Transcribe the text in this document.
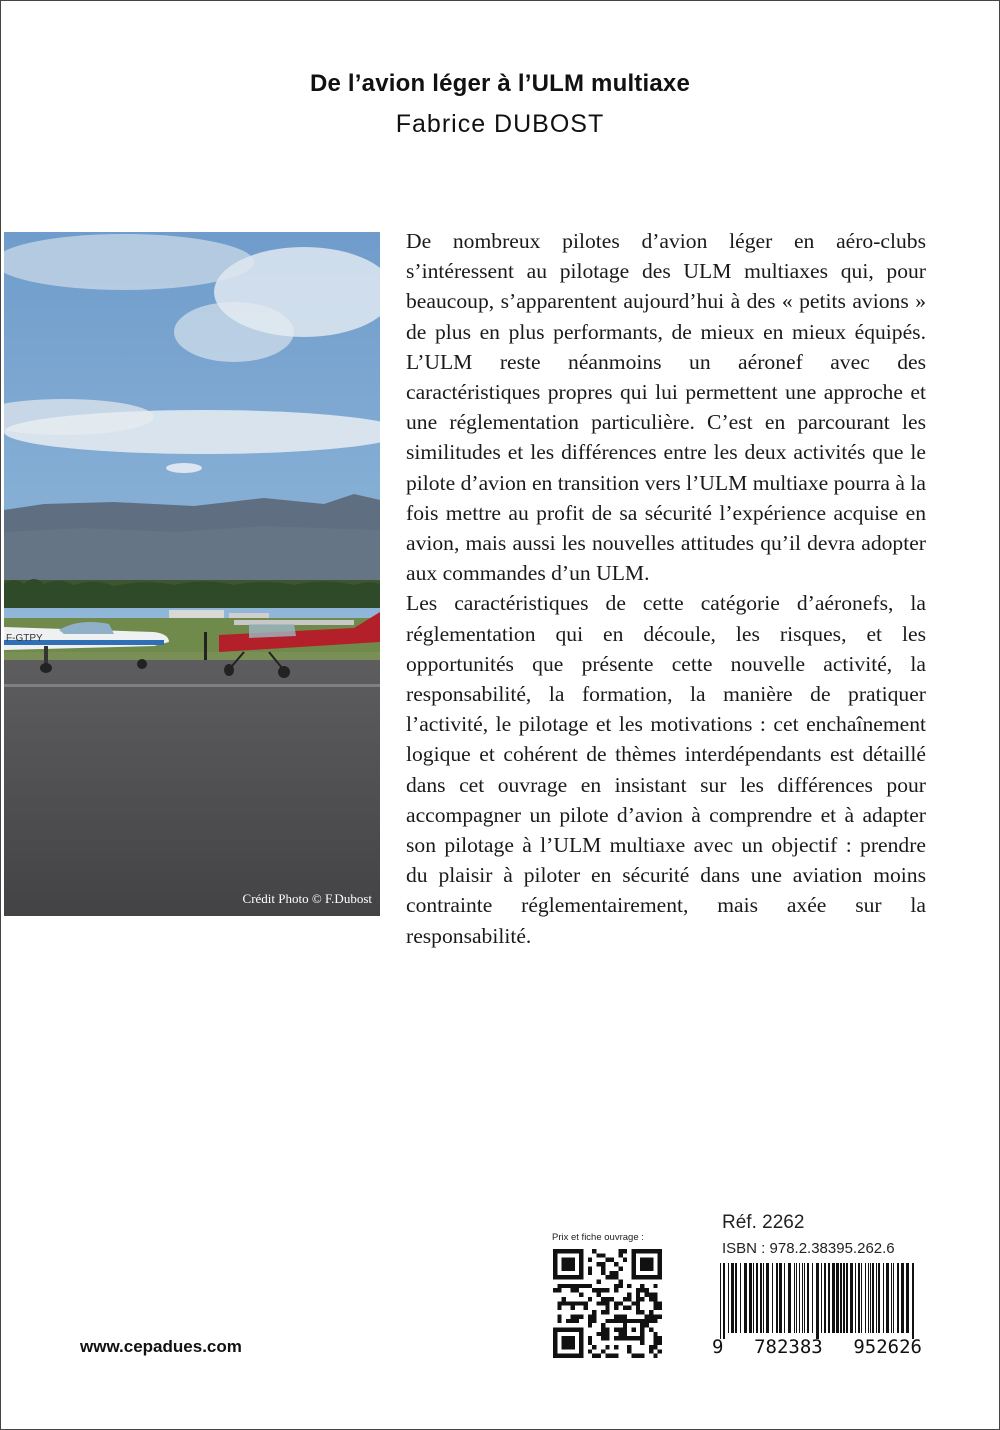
De l’avion léger à l’ULM multiaxe
Fabrice DUBOST
F-GTPY
Crédit Photo © F.Dubost

De nombreux pilotes d’avion léger en aéro-clubs s’intéressent au pilotage des ULM multiaxes qui, pour beaucoup, s’apparentent aujourd’hui à des « petits avions » de plus en plus performants, de mieux en mieux équipés. L’ULM reste néanmoins un aéronef avec des caractéristiques propres qui lui permettent une approche et une réglementation particulière. C’est en parcourant les similitudes et les différences entre les deux activités que le pilote d’avion en transition vers l’ULM multiaxe pourra à la fois mettre au profit de sa sécurité l’expérience acquise en avion, mais aussi les nouvelles attitudes qu’il devra adopter aux commandes d’un ULM.

Les caractéristiques de cette catégorie d’aéronefs, la réglementation qui en découle, les risques, et les opportunités que présente cette nouvelle activité, la responsabilité, la formation, la manière de pratiquer l’activité, le pilotage et les motivations : cet enchaînement logique et cohérent de thèmes interdépendants est détaillé dans cet ouvrage en insistant sur les différences pour accompagner un pilote d’avion à comprendre et à adapter son pilotage à l’ULM multiaxe avec un objectif : prendre du plaisir à piloter en sécurité dans une aviation moins contrainte réglementairement, mais axée sur la responsabilité.

Prix et fiche ouvrage :
Réf. 2262
ISBN : 978.2.38395.262.6
9 782383 952626
www.cepadues.com
